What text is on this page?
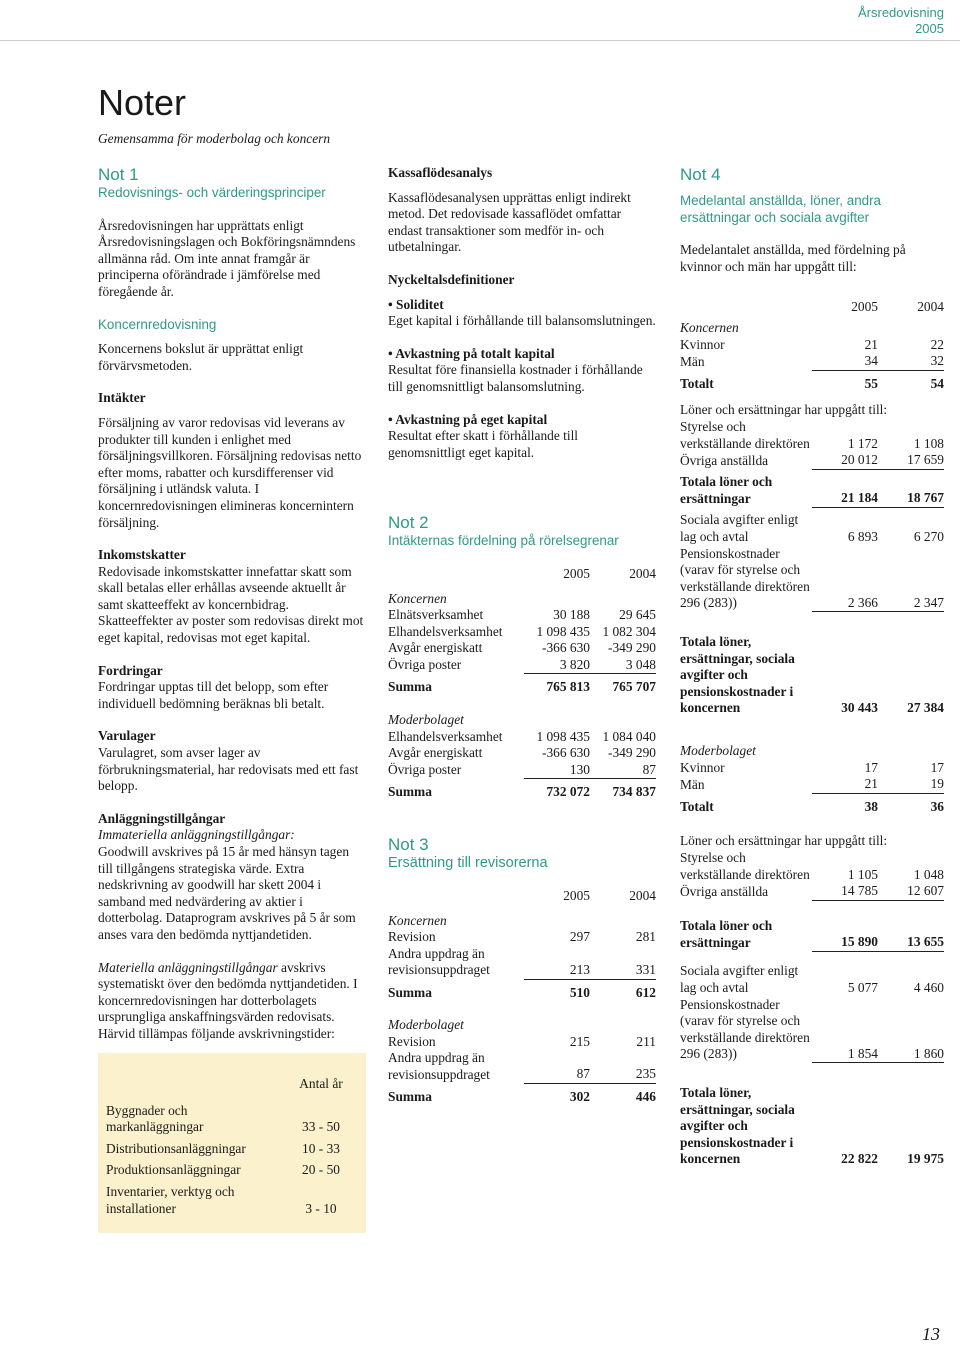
Årsredovisning
2005
Noter
Gemensamma för moderbolag och koncern

Not 1

Redovisnings- och värderingsprinciper

Årsredovisningen har upprättats enligt Årsredovisningslagen och Bokföringsnämndens allmänna råd. Om inte annat framgår är principerna oförändrade i jämförelse med föregående år.

Koncernredovisning

Koncernens bokslut är upprättat enligt förvärvsmetoden.

Intäkter

Försäljning av varor redovisas vid leverans av produkter till kunden i enlighet med försäljningsvillkoren. Försäljning redovisas netto efter moms, rabatter och kursdifferenser vid försäljning i utländsk valuta. I koncernredovisningen elimineras koncernintern försäljning.

Inkomstskatter

Redovisade inkomstskatter innefattar skatt som skall betalas eller erhållas avseende aktuellt år samt skatteeffekt av koncernbidrag. Skatteeffekter av poster som redovisas direkt mot eget kapital, redovisas mot eget kapital.

Fordringar

Fordringar upptas till det belopp, som efter individuell bedömning beräknas bli betalt.

Varulager

Varulagret, som avser lager av förbrukningsmaterial, har redovisats med ett fast belopp.

Anläggningstillgångar

Immateriella anläggningstillgångar:

Goodwill avskrives på 15 år med hänsyn tagen till tillgångens strategiska värde. Extra nedskrivning av goodwill har skett 2004 i samband med nedvärdering av aktier i dotterbolag. Dataprogram avskrives på 5 år som anses vara den bedömda nyttjandetiden.

Materiella anläggningstillgångar avskrivs systematiskt över den bedömda nyttjandetiden. I koncernredovisningen har dotterbolagets ursprungliga anskaffningsvärden redovisats. Härvid tillämpas följande avskrivningstider:

	Antal år

Byggnader och markanläggningar	33 - 50
Distributionsanläggningar	10 - 33
Produktionsanläggningar	20 - 50
Inventarier, verktyg och installationer	3 - 10

Kassaflödesanalys

Kassaflödesanalysen upprättas enligt indirekt metod. Det redovisade kassaflödet omfattar endast transaktioner som medför in- och utbetalningar.

Nyckeltalsdefinitioner

• Soliditet

Eget kapital i förhållande till balansomslutningen.

• Avkastning på totalt kapital

Resultat före finansiella kostnader i förhållande till genomsnittligt balansomslutning.

• Avkastning på eget kapital

Resultat efter skatt i förhållande till genomsnittligt eget kapital.

Not 2

Intäkternas fördelning på rörelsegrenar

	2005	2004
Koncernen		
Elnätsverksamhet	30 188	29 645
Elhandelsverksamhet	1 098 435	1 082 304
Avgår energiskatt	-366 630	-349 290
Övriga poster	3 820	3 048
Summa	765 813	765 707
Moderbolaget		
Elhandelsverksamhet	1 098 435	1 084 040
Avgår energiskatt	-366 630	-349 290
Övriga poster	130	87
Summa	732 072	734 837

Not 3

Ersättning till revisorerna

	2005	2004
Koncernen		
Revision	297	281
Andra uppdrag än revisionsuppdraget	213	331
Summa	510	612
Moderbolaget		
Revision	215	211
Andra uppdrag än revisionsuppdraget	87	235
Summa	302	446

Not 4

Medelantal anställda, löner, andra ersättningar och sociala avgifter

Medelantalet anställda, med fördelning på kvinnor och män har uppgått till:

	2005	2004
Koncernen		
Kvinnor	21	22
Män	34	32
Totalt	55	54
Löner och ersättningar har uppgått till:		
Styrelse och verkställande direktören	1 172	1 108
Övriga anställda	20 012	17 659
Totala löner och ersättningar	21 184	18 767
Sociala avgifter enligt lag och avtal	6 893	6 270
Pensionskostnader (varav för styrelse och verkställande direktören 296 (283))	2 366	2 347
Totala löner, ersättningar, sociala avgifter och pensionskostnader i koncernen	30 443	27 384
Moderbolaget		
Kvinnor	17	17
Män	21	19
Totalt	38	36
Löner och ersättningar har uppgått till:		
Styrelse och verkställande direktören	1 105	1 048
Övriga anställda	14 785	12 607
Totala löner och ersättningar	15 890	13 655
Sociala avgifter enligt lag och avtal	5 077	4 460
Pensionskostnader (varav för styrelse och verkställande direktören 296 (283))	1 854	1 860
Totala löner, ersättningar, sociala avgifter och pensionskostnader i koncernen	22 822	19 975
13
